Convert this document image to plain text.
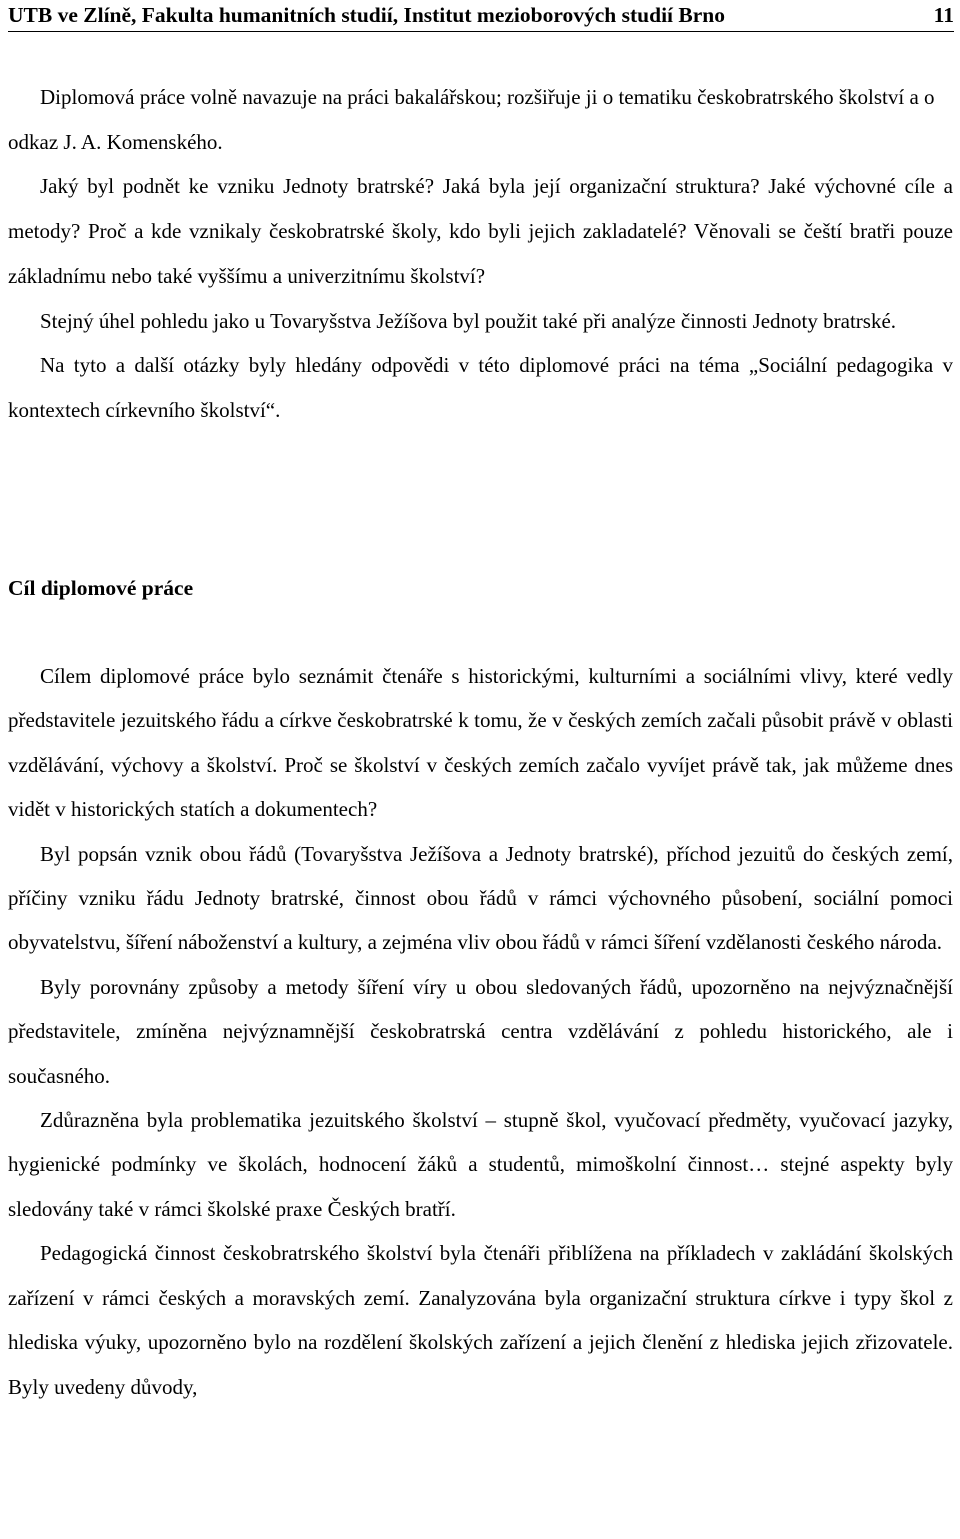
UTB ve Zlíně, Fakulta humanitních studií, Institut mezioborových studií Brno	11

Diplomová práce volně navazuje na práci bakalářskou; rozšiřuje ji o tematiku českobratrského školství a o odkaz J. A. Komenského.

Jaký byl podnět ke vzniku Jednoty bratrské? Jaká byla její organizační struktura? Jaké výchovné cíle a metody? Proč a kde vznikaly českobratrské školy, kdo byli jejich zakladatelé? Věnovali se čeští bratři pouze základnímu nebo také vyššímu a univerzitnímu školství?

Stejný úhel pohledu jako u Tovaryšstva Ježíšova byl použit také při analýze činnosti Jednoty bratrské.

Na tyto a další otázky byly hledány odpovědi v této diplomové práci na téma „Sociální pedagogika v kontextech církevního školství“.

Cíl diplomové práce

Cílem diplomové práce bylo seznámit čtenáře s historickými, kulturními a sociálními vlivy, které vedly představitele jezuitského řádu a církve českobratrské k tomu, že v českých zemích začali působit právě v oblasti vzdělávání, výchovy a školství. Proč se školství v českých zemích začalo vyvíjet právě tak, jak můžeme dnes vidět v historických statích a dokumentech?

Byl popsán vznik obou řádů (Tovaryšstva Ježíšova a Jednoty bratrské), příchod jezuitů do českých zemí, příčiny vzniku řádu Jednoty bratrské, činnost obou řádů v rámci výchovného působení, sociální pomoci obyvatelstvu, šíření náboženství a kultury, a zejména vliv obou řádů v rámci šíření vzdělanosti českého národa.

Byly porovnány způsoby a metody šíření víry u obou sledovaných řádů, upozorněno na nejvýznačnější představitele, zmíněna nejvýznamnější českobratrská centra vzdělávání z pohledu historického, ale i současného.

Zdůrazněna byla problematika jezuitského školství – stupně škol, vyučovací předměty, vyučovací jazyky, hygienické podmínky ve školách, hodnocení žáků a studentů, mimoškolní činnost… stejné aspekty byly sledovány také v rámci školské praxe Českých bratří.

Pedagogická činnost českobratrského školství byla čtenáři přiblížena na příkladech v zakládání školských zařízení v rámci českých a moravských zemí. Zanalyzována byla organizační struktura církve i typy škol z hlediska výuky, upozorněno bylo na rozdělení školských zařízení a jejich členění z hlediska jejich zřizovatele. Byly uvedeny důvody,
